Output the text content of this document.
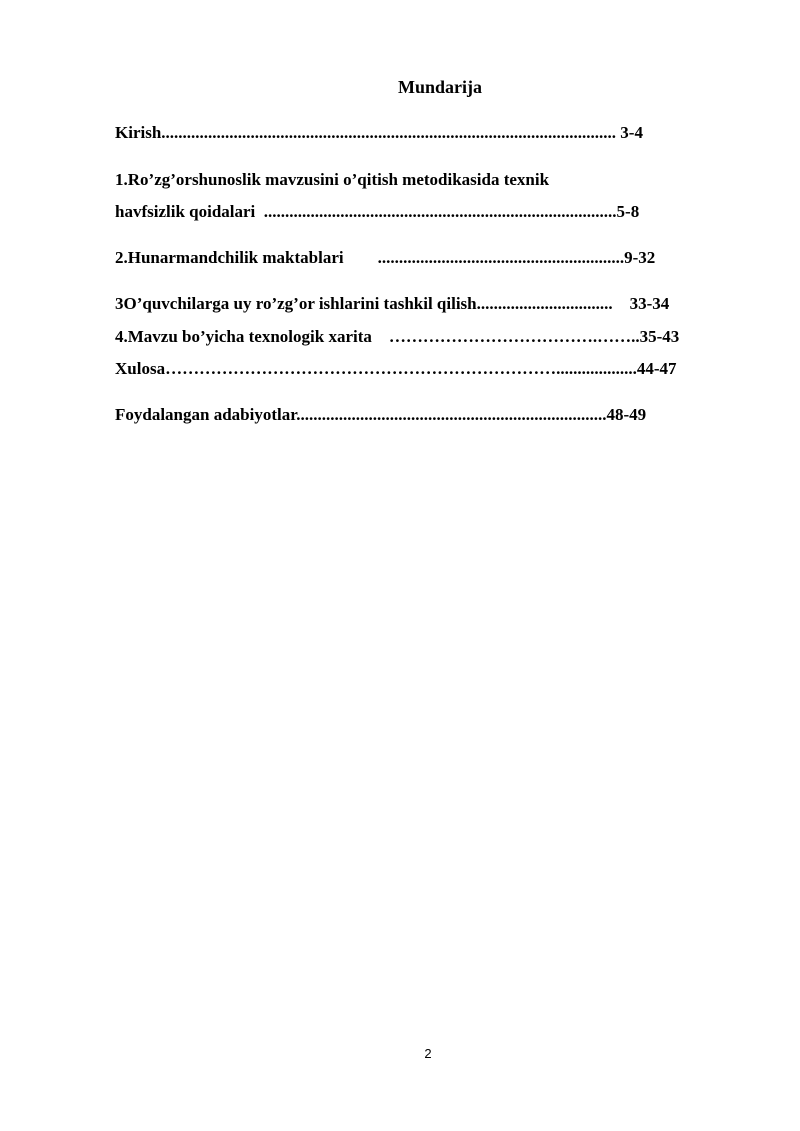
Mundarija
Kirish........................................................................................................... 3-4
1.Ro’zg’orshunoslik mavzusini o’qitish metodikasida texnik
havfsizlik qoidalari  ...................................................................................5-8
2.Hunarmandchilik maktablari ..........................................................9-32
3O’quvchilarga uy ro’zg’or ishlarini tashkil qilish................................ 33-34
4.Mavzu bo’yicha texnologik xarita ……………………………….……..35-43
Xulosa……………………………………………………………...................44-47
Foydalangan adabiyotlar.........................................................................48-49
2
